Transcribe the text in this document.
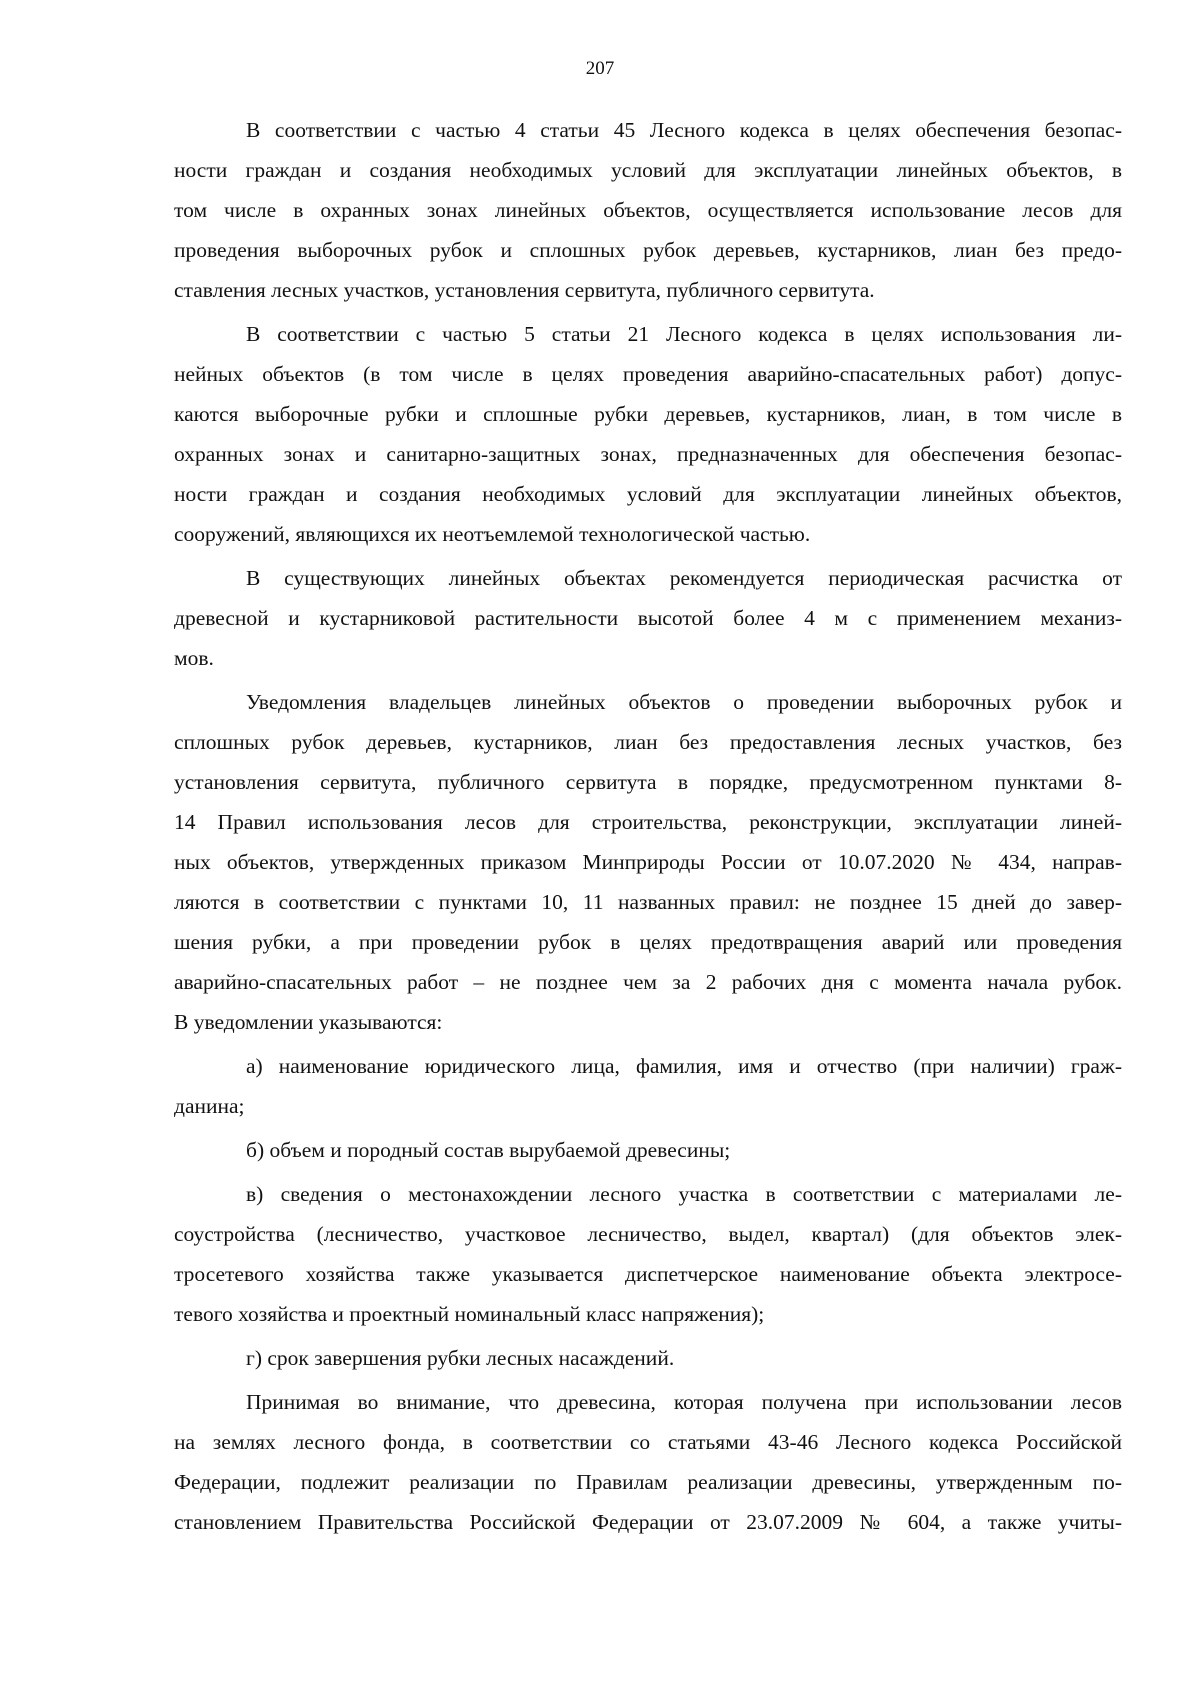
207
В соответствии с частью 4 статьи 45 Лесного кодекса в целях обеспечения безопас-
ности граждан и создания необходимых условий для эксплуатации линейных объектов, в
том числе в охранных зонах линейных объектов, осуществляется использование лесов для
проведения выборочных рубок и сплошных рубок деревьев, кустарников, лиан без предо-
ставления лесных участков, установления сервитута, публичного сервитута.
В соответствии с частью 5 статьи 21 Лесного кодекса в целях использования ли-
нейных объектов (в том числе в целях проведения аварийно-спасательных работ) допус-
каются выборочные рубки и сплошные рубки деревьев, кустарников, лиан, в том числе в
охранных зонах и санитарно-защитных зонах, предназначенных для обеспечения безопас-
ности граждан и создания необходимых условий для эксплуатации линейных объектов,
сооружений, являющихся их неотъемлемой технологической частью.
В существующих линейных объектах рекомендуется периодическая расчистка от
древесной и кустарниковой растительности высотой более 4 м с применением механиз-
мов.
Уведомления владельцев линейных объектов о проведении выборочных рубок и
сплошных рубок деревьев, кустарников, лиан без предоставления лесных участков, без
установления сервитута, публичного сервитута в порядке, предусмотренном пунктами 8-
14 Правил использования лесов для строительства, реконструкции, эксплуатации линей-
ных объектов, утвержденных приказом Минприроды России от 10.07.2020 № 434, направ-
ляются в соответствии с пунктами 10, 11 названных правил: не позднее 15 дней до завер-
шения рубки, а при проведении рубок в целях предотвращения аварий или проведения
аварийно-спасательных работ – не позднее чем за 2 рабочих дня с момента начала рубок.
В уведомлении указываются:
а) наименование юридического лица, фамилия, имя и отчество (при наличии) граж-
данина;
б) объем и породный состав вырубаемой древесины;
в) сведения о местонахождении лесного участка в соответствии с материалами ле-
соустройства (лесничество, участковое лесничество, выдел, квартал) (для объектов элек-
тросетевого хозяйства также указывается диспетчерское наименование объекта электросе-
тевого хозяйства и проектный номинальный класс напряжения);
г) срок завершения рубки лесных насаждений.
Принимая во внимание, что древесина, которая получена при использовании лесов
на землях лесного фонда, в соответствии со статьями 43-46 Лесного кодекса Российской
Федерации, подлежит реализации по Правилам реализации древесины, утвержденным по-
становлением Правительства Российской Федерации от 23.07.2009 № 604, а также учиты-
